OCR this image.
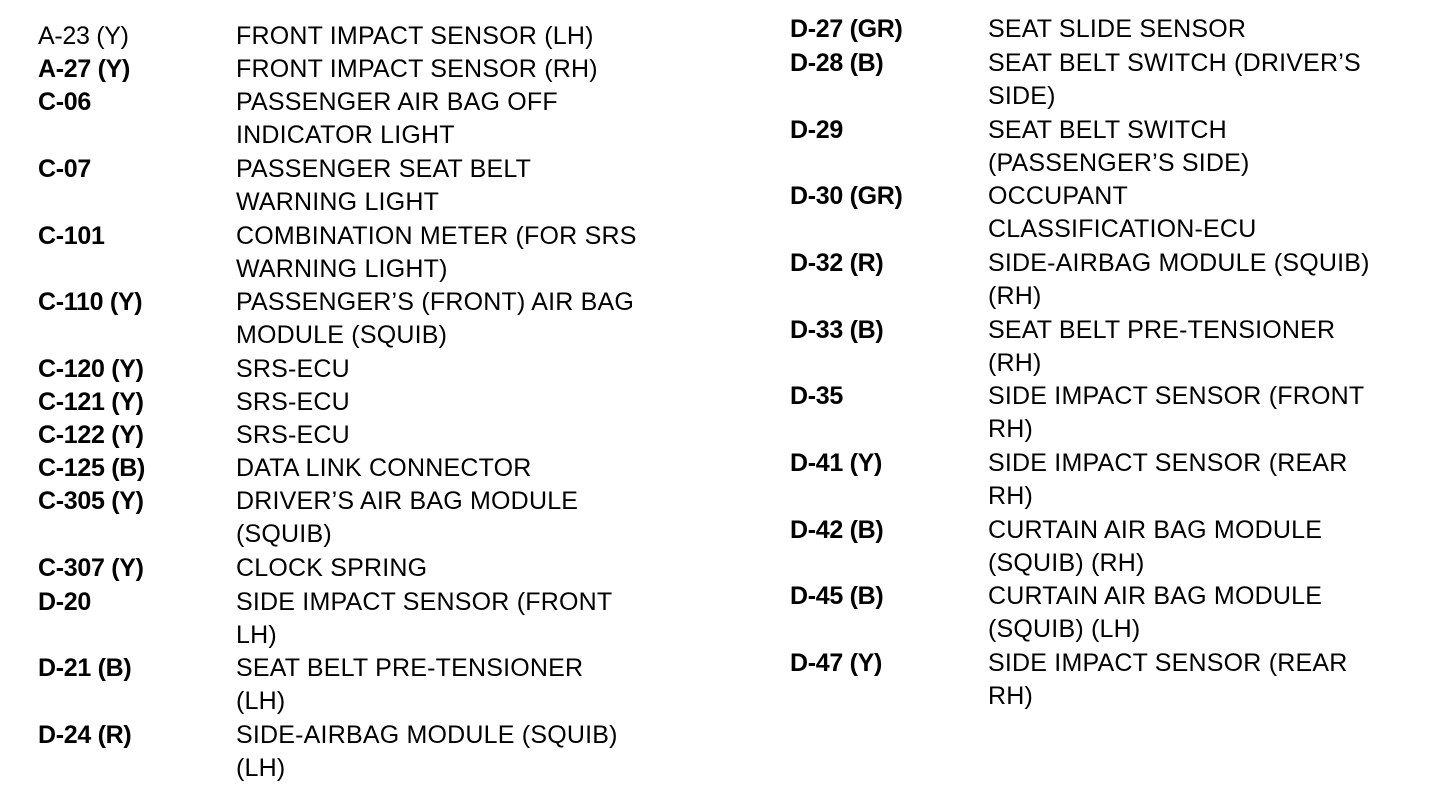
A-23 (Y)	FRONT IMPACT SENSOR (LH)
A-27 (Y)	FRONT IMPACT SENSOR (RH)
C-06	PASSENGER AIR BAG OFF
INDICATOR LIGHT
C-07	PASSENGER SEAT BELT
WARNING LIGHT
C-101	COMBINATION METER (FOR SRS
WARNING LIGHT)
C-110 (Y)	PASSENGER’S (FRONT) AIR BAG
MODULE (SQUIB)
C-120 (Y)	SRS-ECU
C-121 (Y)	SRS-ECU
C-122 (Y)	SRS-ECU
C-125 (B)	DATA LINK CONNECTOR
C-305 (Y)	DRIVER’S AIR BAG MODULE
(SQUIB)
C-307 (Y)	CLOCK SPRING
D-20	SIDE IMPACT SENSOR (FRONT
LH)
D-21 (B)	SEAT BELT PRE-TENSIONER
(LH)
D-24 (R)	SIDE-AIRBAG MODULE (SQUIB)
(LH)
D-27 (GR)	SEAT SLIDE SENSOR
D-28 (B)	SEAT BELT SWITCH (DRIVER’S
SIDE)
D-29	SEAT BELT SWITCH
(PASSENGER’S SIDE)
D-30 (GR)	OCCUPANT
CLASSIFICATION-ECU
D-32 (R)	SIDE-AIRBAG MODULE (SQUIB)
(RH)
D-33 (B)	SEAT BELT PRE-TENSIONER
(RH)
D-35	SIDE IMPACT SENSOR (FRONT
RH)
D-41 (Y)	SIDE IMPACT SENSOR (REAR
RH)
D-42 (B)	CURTAIN AIR BAG MODULE
(SQUIB) (RH)
D-45 (B)	CURTAIN AIR BAG MODULE
(SQUIB) (LH)
D-47 (Y)	SIDE IMPACT SENSOR (REAR
RH)
